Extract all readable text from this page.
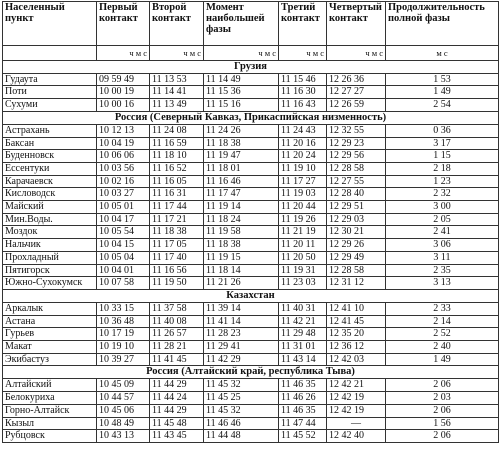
Населенный пункт	Первый контакт	Второй контакт	Момент наибольшей фазы	Третий контакт	Четвертый контакт	Продолжительность полной фазы
	ч м с	ч м с	ч м с	ч м с	ч м с	м с
Грузия						
Гудаута	09 59 49	11 13 53	11 14 49	11 15 46	12 26 36	1 53
Поти	10 00 19	11 14 41	11 15 36	11 16 30	12 27 27	1 49
Сухуми	10 00 16	11 13 49	11 15 16	11 16 43	12 26 59	2 54
Россия (Северный Кавказ, Прикаспийская низменность)						
Астрахань	10 12 13	11 24 08	11 24 26	11 24 43	12 32 55	0 36
Баксан	10 04 19	11 16 59	11 18 38	11 20 16	12 29 23	3 17
Буденновск	10 06 06	11 18 10	11 19 47	11 20 24	12 29 56	1 15
Ессентуки	10 03 56	11 16 52	11 18 01	11 19 10	12 28 58	2 18
Карачаевск	10 02 16	11 16 05	11 16 46	11 17 27	12 27 55	1 23
Кисловодск	10 03 27	11 16 31	11 17 47	11 19 03	12 28 40	2 32
Майский	10 05 01	11 17 44	11 19 14	11 20 44	12 29 51	3 00
Мин.Воды.	10 04 17	11 17 21	11 18 24	11 19 26	12 29 03	2 05
Моздок	10 05 54	11 18 38	11 19 58	11 21 19	12 30 21	2 41
Нальчик	10 04 15	11 17 05	11 18 38	11 20 11	12 29 26	3 06
Прохладный	10 05 04	11 17 40	11 19 15	11 20 50	12 29 49	3 11
Пятигорск	10 04 01	11 16 56	11 18 14	11 19 31	12 28 58	2 35
Южно-Сухокумск	10 07 58	11 19 50	11 21 26	11 23 03	12 31 12	3 13
Казахстан						
Аркалык	10 33 15	11 37 58	11 39 14	11 40 31	12 41 10	2 33
Астана	10 36 48	11 40 08	11 41 14	11 42 21	12 41 45	2 14
Гурьев	10 17 19	11 26 57	11 28 23	11 29 48	12 35 20	2 52
Макат	10 19 10	11 28 21	11 29 41	11 31 01	12 36 12	2 40
Экибастуз	10 39 27	11 41 45	11 42 29	11 43 14	12 42 03	1 49
Россия (Алтайский край, республика Тыва)						
Алтайский	10 45 09	11 44 29	11 45 32	11 46 35	12 42 21	2 06
Белокуриха	10 44 57	11 44 24	11 45 25	11 46 26	12 42 19	2 03
Горно-Алтайск	10 45 06	11 44 29	11 45 32	11 46 35	12 42 19	2 06
Кызыл	10 48 49	11 45 48	11 46 46	11 47 44	—	1 56
Рубцовск	10 43 13	11 43 45	11 44 48	11 45 52	12 42 40	2 06
